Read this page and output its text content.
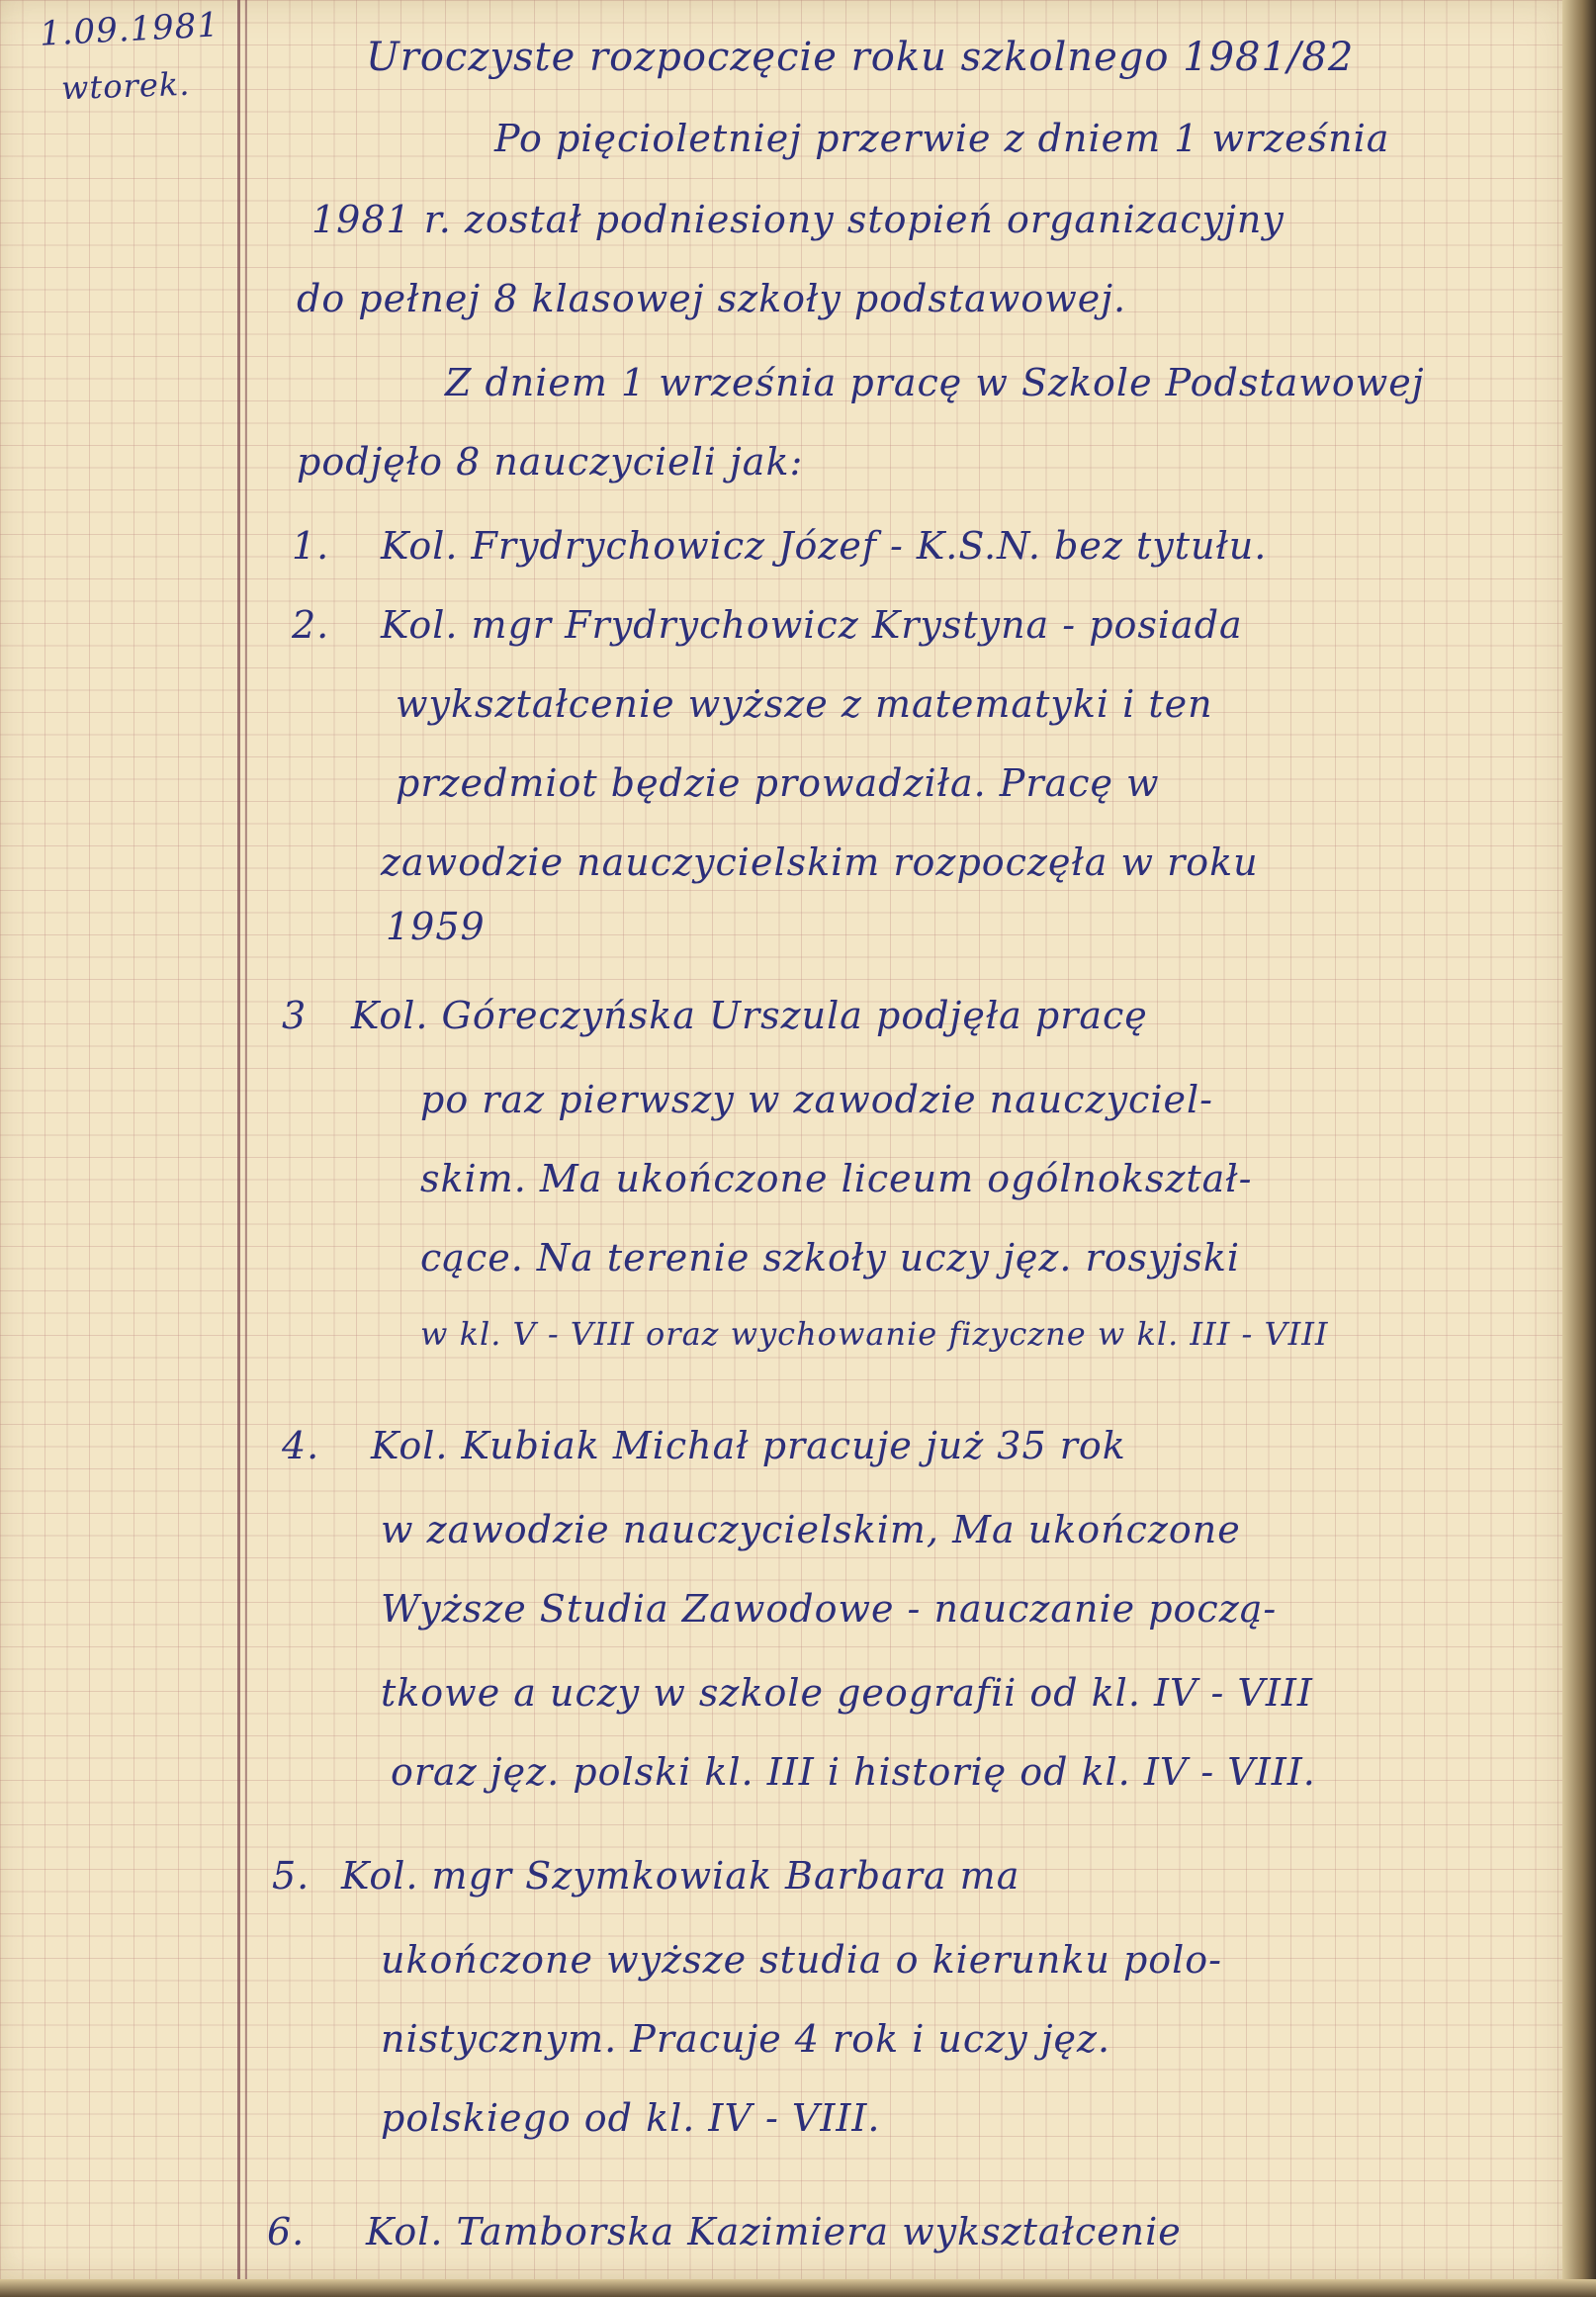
1.09.1981
wtorek.
Uroczyste rozpoczęcie roku szkolnego 1981/82
Po pięcioletniej przerwie z dniem 1 września
1981 r. został podniesiony stopień organizacyjny
do pełnej 8 klasowej szkoły podstawowej.
Z dniem 1 września pracę w Szkole Podstawowej
podjęło 8 nauczycieli jak:
1. Kol. Frydrychowicz Józef - K.S.N. bez tytułu.
2. Kol. mgr Frydrychowicz Krystyna - posiada
wykształcenie wyższe z matematyki i ten
przedmiot będzie prowadziła. Pracę w
zawodzie nauczycielskim rozpoczęła w roku
1959
3 Kol. Góreczyńska Urszula podjęła pracę
po raz pierwszy w zawodzie nauczyciel-
skim. Ma ukończone liceum ogólnokształ-
cące. Na terenie szkoły uczy jęz. rosyjski
w kl. V - VIII oraz wychowanie fizyczne w kl. III - VIII
4. Kol. Kubiak Michał pracuje już 35 rok
w zawodzie nauczycielskim, Ma ukończone
Wyższe Studia Zawodowe - nauczanie począ-
tkowe a uczy w szkole geografii od kl. IV - VIII
oraz jęz. polski kl. III i historię od kl. IV - VIII.
5. Kol. mgr Szymkowiak Barbara ma
ukończone wyższe studia o kierunku polo-
nistycznym. Pracuje 4 rok i uczy jęz.
polskiego od kl. IV - VIII.
6. Kol. Tamborska Kazimiera wykształcenie
